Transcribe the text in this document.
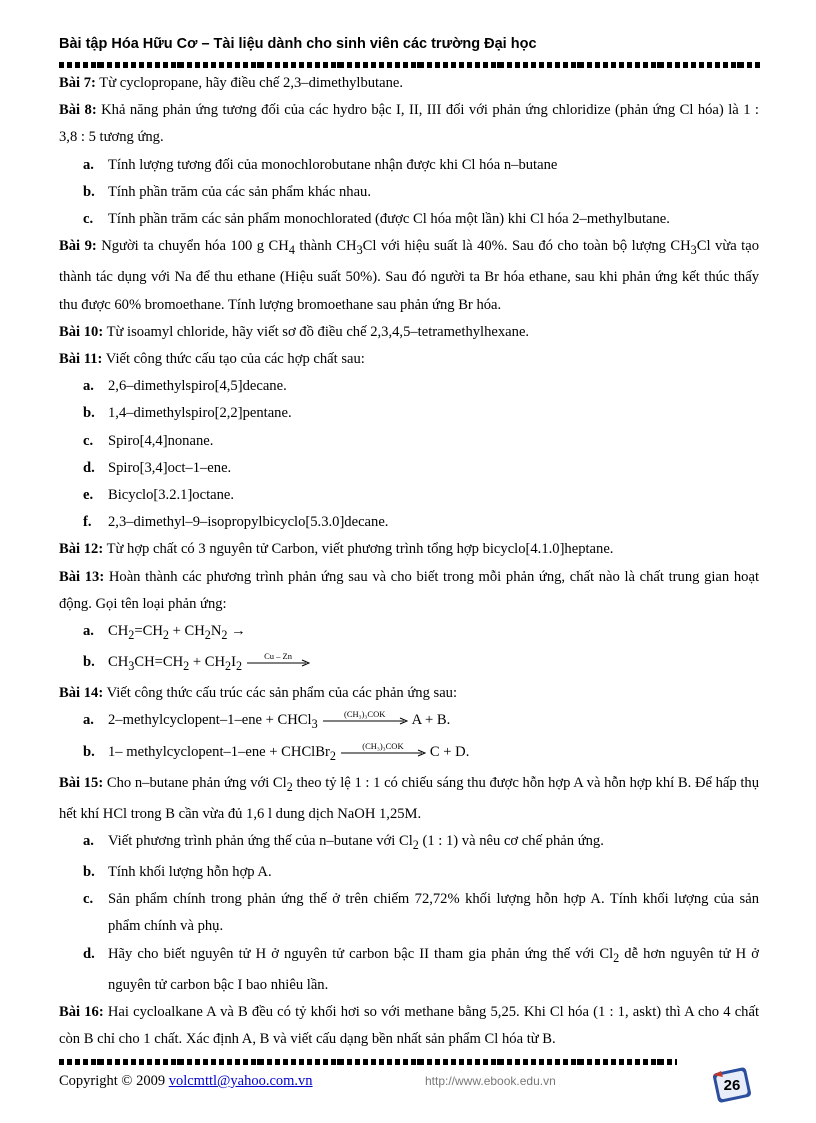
Bài tập Hóa Hữu Cơ – Tài liệu dành cho sinh viên các trường Đại học

Bài 7: Từ cyclopropane, hãy điều chế 2,3–dimethylbutane.

Bài 8: Khả năng phản ứng tương đối của các hydro bậc I, II, III đối với phản ứng chloridize (phản ứng Cl hóa) là 1 : 3,8 : 5 tương ứng.

a. Tính lượng tương đối của monochlorobutane nhận được khi Cl hóa n–butane

b. Tính phần trăm của các sản phẩm khác nhau.

c. Tính phần trăm các sản phẩm monochlorated (được Cl hóa một lần) khi Cl hóa 2–methylbutane.

Bài 9: Người ta chuyển hóa 100 g $CH_4$ thành $CH_3Cl$ với hiệu suất là 40%. Sau đó cho toàn bộ lượng $CH_3Cl$ vừa tạo thành tác dụng với Na để thu ethane (Hiệu suất 50%). Sau đó người ta Br hóa ethane, sau khi phản ứng kết thúc thấy thu được 60% bromoethane. Tính lượng bromoethane sau phản ứng Br hóa.

Bài 10: Từ isoamyl chloride, hãy viết sơ đồ điều chế 2,3,4,5–tetramethylhexane.

Bài 11: Viết công thức cấu tạo của các hợp chất sau:

a. 2,6–dimethylspiro[4,5]decane.

b. 1,4–dimethylspiro[2,2]pentane.

c. Spiro[4,4]nonane.

d. Spiro[3,4]oct–1–ene.

e. Bicyclo[3.2.1]octane.

f. 2,3–dimethyl–9–isopropylbicyclo[5.3.0]decane.

Bài 12: Từ hợp chất có 3 nguyên tử Carbon, viết phương trình tổng hợp bicyclo[4.1.0]heptane.

Bài 13: Hoàn thành các phương trình phản ứng sau và cho biết trong mỗi phản ứng, chất nào là chất trung gian hoạt động. Gọi tên loại phản ứng:

a. $CH_2=CH_2 + CH_2N_2$ →

b. $CH_3CH=CH_2 + CH_2I_2$
Cu – Zn

Bài 14: Viết công thức cấu trúc các sản phẩm của các phản ứng sau:

a. 2–methylcyclopent–1–ene + CHCl$_3$
(CH₃)₃COK	A + B.

b. 1– methylcyclopent–1–ene + CHClBr$_2$
(CH₃)₃COK	C + D.

Bài 15: Cho n–butane phản ứng với $Cl_2$ theo tỷ lệ 1 : 1 có chiếu sáng thu được hỗn hợp A và hỗn hợp khí B. Để hấp thụ hết khí HCl trong B cần vừa đủ 1,6 l dung dịch NaOH 1,25M.

a. Viết phương trình phản ứng thế của n–butane với $Cl_2$ (1 : 1) và nêu cơ chế phản ứng.

b. Tính khối lượng hỗn hợp A.

c. Sản phẩm chính trong phản ứng thế ở trên chiếm 72,72% khối lượng hỗn hợp A. Tính khối lượng của sản phẩm chính và phụ.

d. Hãy cho biết nguyên tử H ở nguyên tử carbon bậc II tham gia phản ứng thế với $Cl_2$ dễ hơn nguyên tử H ở nguyên tử carbon bậc I bao nhiêu lần.

Bài 16: Hai cycloalkane A và B đều có tỷ khối hơi so với methane bằng 5,25. Khi Cl hóa (1 : 1, askt) thì A cho 4 chất còn B chỉ cho 1 chất. Xác định A, B và viết cấu dạng bền nhất sản phẩm Cl hóa từ B.

Copyright © 2009 volcmttl@yahoo.com.vn	http://www.ebook.edu.vn	26
